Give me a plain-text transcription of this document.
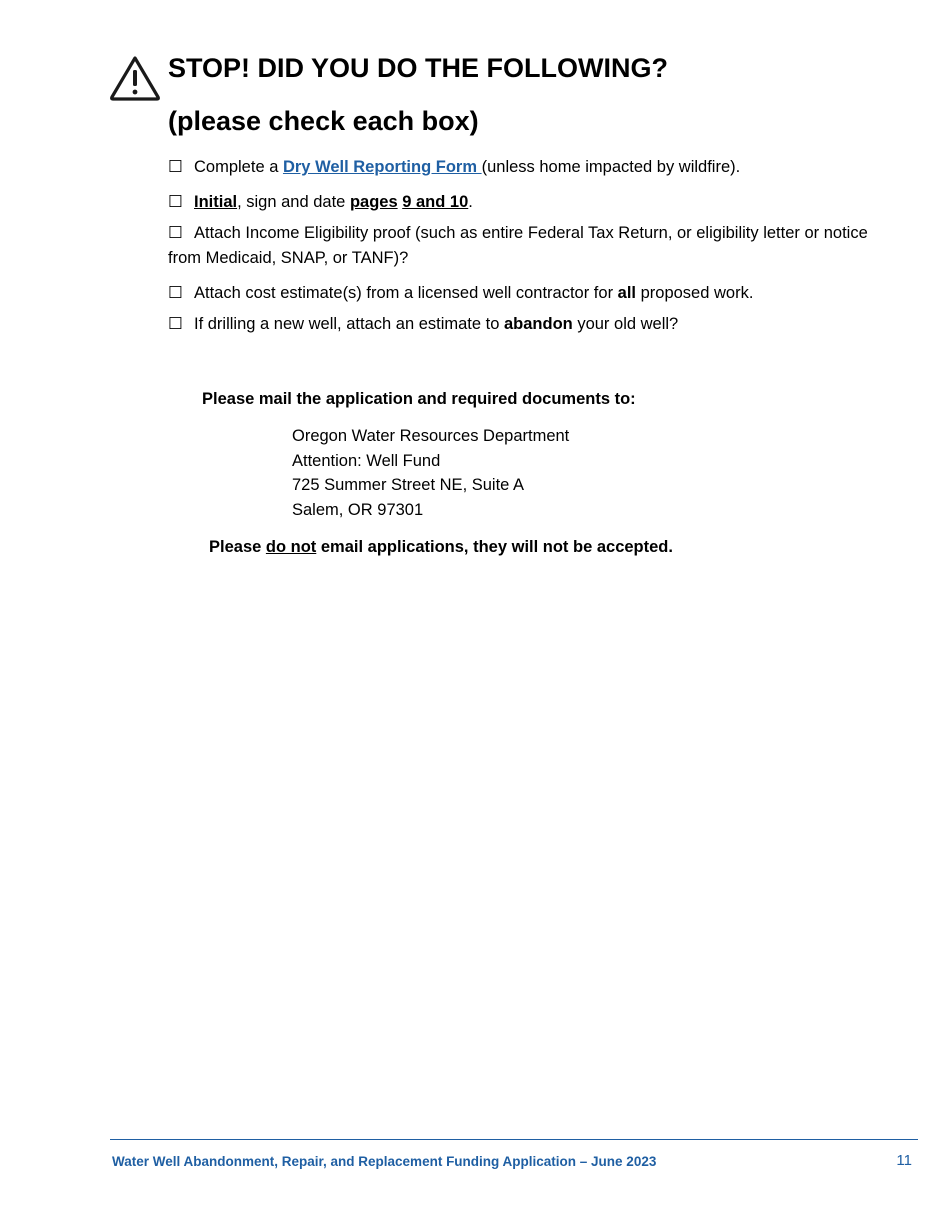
STOP! DID YOU DO THE FOLLOWING?
(please check each box)

☐ Complete a Dry Well Reporting Form (unless home impacted by wildfire).

☐ Initial, sign and date pages 9 and 10.

☐ Attach Income Eligibility proof (such as entire Federal Tax Return, or eligibility letter or notice from Medicaid, SNAP, or TANF)?

☐ Attach cost estimate(s) from a licensed well contractor for all proposed work.

☐ If drilling a new well, attach an estimate to abandon your old well?

Please mail the application and required documents to:
Oregon Water Resources Department
Attention: Well Fund
725 Summer Street NE, Suite A
Salem, OR 97301
Please do not email applications, they will not be accepted.
Water Well Abandonment, Repair, and Replacement Funding Application – June 2023	11
